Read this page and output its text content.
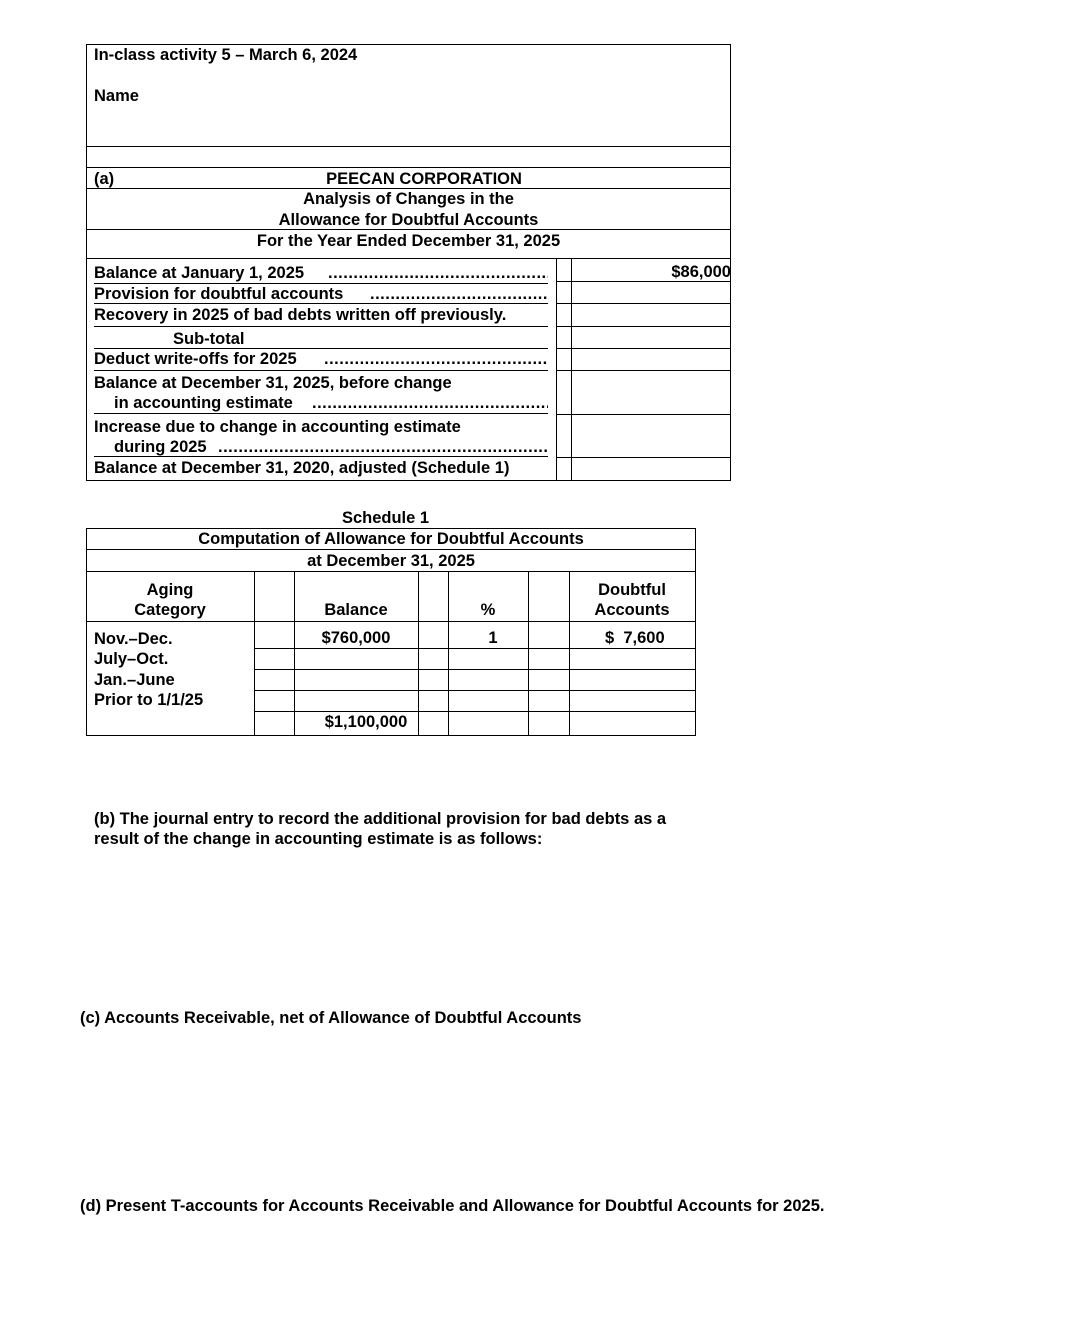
In-class activity 5 – March 6, 2024
Name
(a)	PEECAN CORPORATION
Analysis of Changes in the
Allowance for Doubtful Accounts
For the Year Ended December 31, 2025
Balance at January 1, 2025
.....	$86,000
Provision for doubtful accounts
.....
Recovery in 2025 of bad debts written off previously.
Sub-total
Deduct write-offs for 2025
.....
Balance at December 31, 2025, before change
in accounting estimate
.....
Increase due to change in accounting estimate
during 2025
.....
Balance at December 31, 2020, adjusted (Schedule 1)
Schedule 1
Computation of Allowance for Doubtful Accounts
at December 31, 2025
Aging
Category	Balance	%
Doubtful
Accounts
Nov.–Dec.	$760,000	1	$  7,600
July–Oct.
Jan.–June
Prior to 1/1/25
$1,100,000
(b) The journal entry to record the additional provision for bad debts as a
result of the change in accounting estimate is as follows:
(c) Accounts Receivable, net of Allowance of Doubtful Accounts
(d) Present T-accounts for Accounts Receivable and Allowance for Doubtful Accounts for 2025.
